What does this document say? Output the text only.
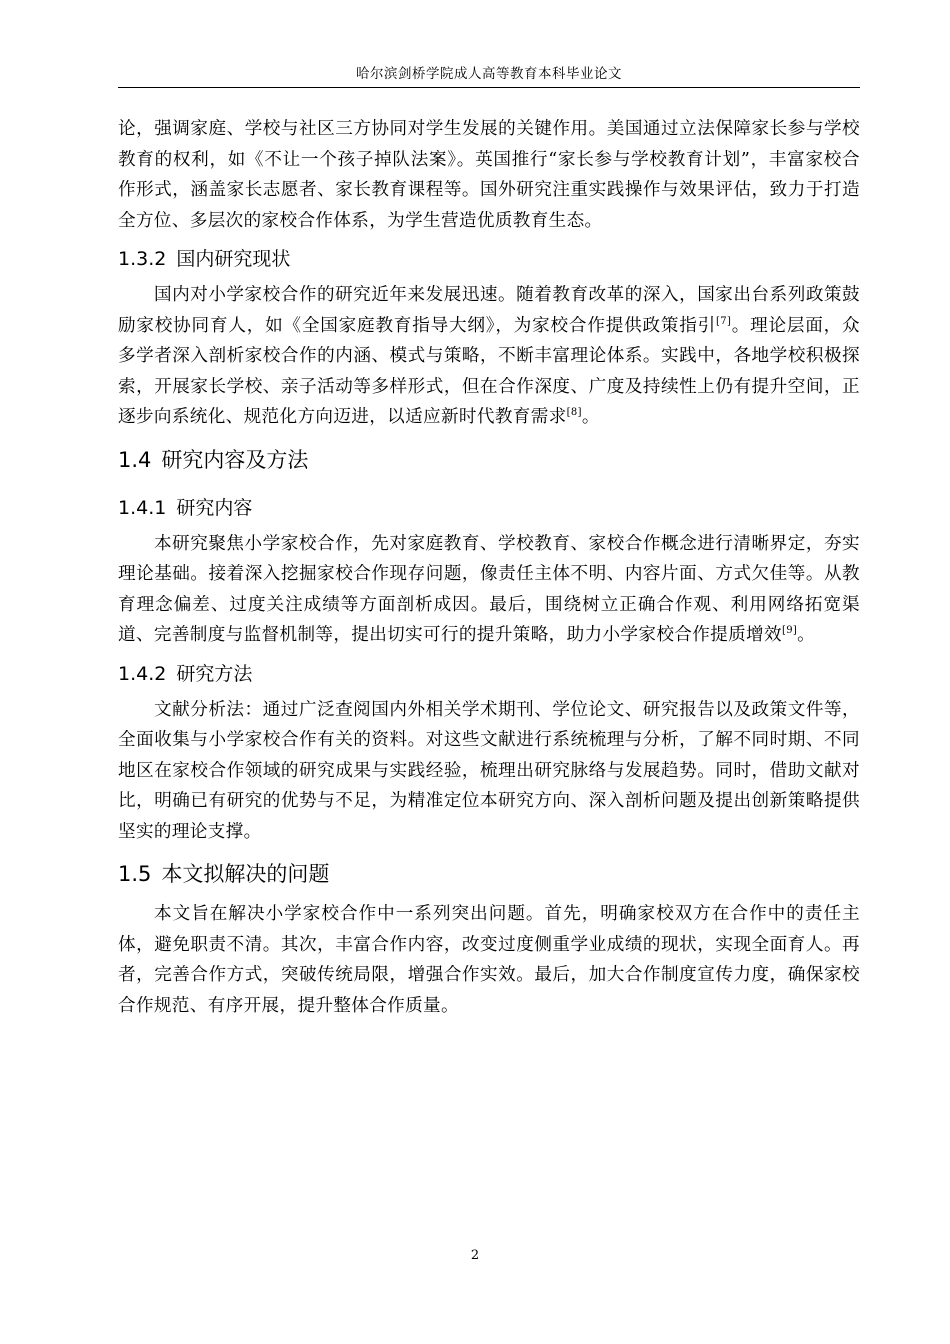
哈尔滨剑桥学院成人高等教育本科毕业论文

论，强调家庭、学校与社区三方协同对学生发展的关键作用。美国通过立法保障家长参与学校教育的权利，如《不让一个孩子掉队法案》。英国推行“家长参与学校教育计划”，丰富家校合作形式，涵盖家长志愿者、家长教育课程等。国外研究注重实践操作与效果评估，致力于打造全方位、多层次的家校合作体系，为学生营造优质教育生态。

1.3.2 国内研究现状

国内对小学家校合作的研究近年来发展迅速。随着教育改革的深入，国家出台系列政策鼓励家校协同育人，如《全国家庭教育指导大纲》，为家校合作提供政策指引[7]。理论层面，众多学者深入剖析家校合作的内涵、模式与策略，不断丰富理论体系。实践中，各地学校积极探索，开展家长学校、亲子活动等多样形式，但在合作深度、广度及持续性上仍有提升空间，正逐步向系统化、规范化方向迈进，以适应新时代教育需求[8]。

1.4 研究内容及方法
1.4.1 研究内容

本研究聚焦小学家校合作，先对家庭教育、学校教育、家校合作概念进行清晰界定，夯实理论基础。接着深入挖掘家校合作现存问题，像责任主体不明、内容片面、方式欠佳等。从教育理念偏差、过度关注成绩等方面剖析成因。最后，围绕树立正确合作观、利用网络拓宽渠道、完善制度与监督机制等，提出切实可行的提升策略，助力小学家校合作提质增效[9]。

1.4.2 研究方法

文献分析法：通过广泛查阅国内外相关学术期刊、学位论文、研究报告以及政策文件等，全面收集与小学家校合作有关的资料。对这些文献进行系统梳理与分析，了解不同时期、不同地区在家校合作领域的研究成果与实践经验，梳理出研究脉络与发展趋势。同时，借助文献对比，明确已有研究的优势与不足，为精准定位本研究方向、深入剖析问题及提出创新策略提供坚实的理论支撑。

1.5 本文拟解决的问题

本文旨在解决小学家校合作中一系列突出问题。首先，明确家校双方在合作中的责任主体，避免职责不清。其次，丰富合作内容，改变过度侧重学业成绩的现状，实现全面育人。再者，完善合作方式，突破传统局限，增强合作实效。最后，加大合作制度宣传力度，确保家校合作规范、有序开展，提升整体合作质量。

2
